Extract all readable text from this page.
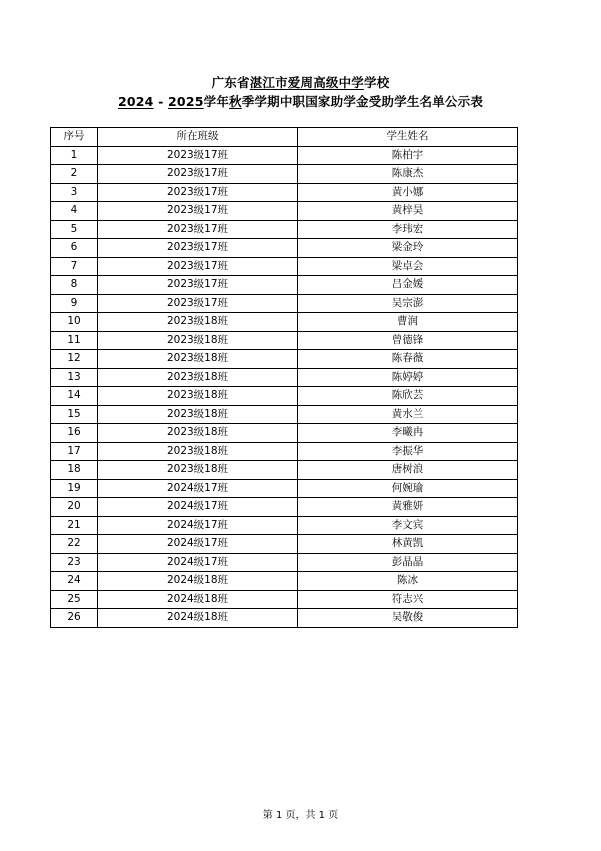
广东省湛江市爱周高级中学学校
2024 - 2025学年秋季学期中职国家助学金受助学生名单公示表
序号	所在班级	学生姓名
1	2023级17班	陈柏宇
2	2023级17班	陈康杰
3	2023级17班	黄小娜
4	2023级17班	黄梓昊
5	2023级17班	李玮宏
6	2023级17班	梁金玲
7	2023级17班	梁卓会
8	2023级17班	吕金媛
9	2023级17班	吴宗澎
10	2023级18班	曹润
11	2023级18班	曾德锋
12	2023级18班	陈春薇
13	2023级18班	陈婷婷
14	2023级18班	陈欣芸
15	2023级18班	黄水兰
16	2023级18班	李曦冉
17	2023级18班	李振华
18	2023级18班	唐树浪
19	2024级17班	何婉瑜
20	2024级17班	黄雅妍
21	2024级17班	李文宾
22	2024级17班	林黄凯
23	2024级17班	彭晶晶
24	2024级18班	陈冰
25	2024级18班	符志兴
26	2024级18班	吴敬俊
第 1 页，共 1 页
